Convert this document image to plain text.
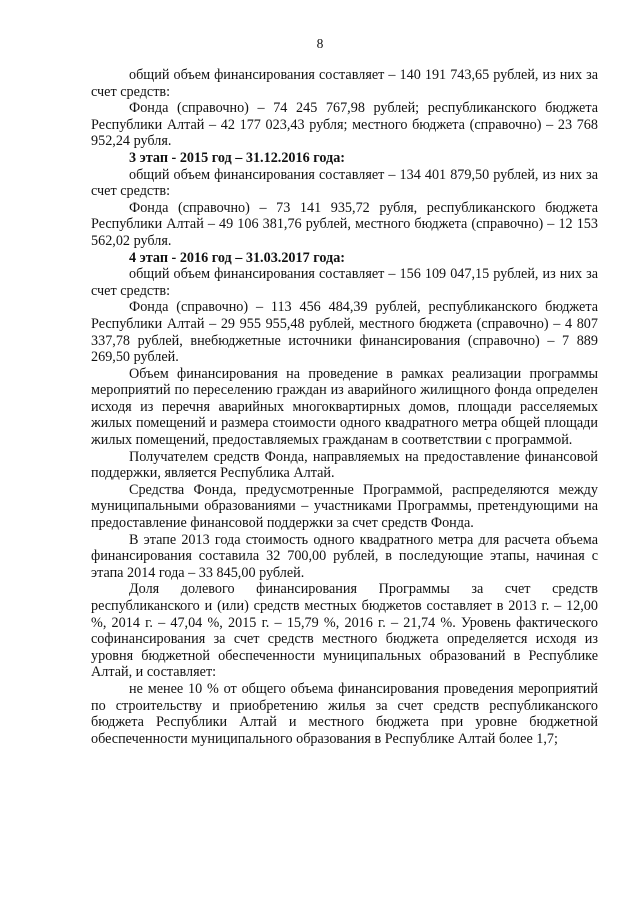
8

общий объем финансирования составляет – 140 191 743,65 рублей, из них за счет средств:

Фонда (справочно) – 74 245 767,98 рублей; республиканского бюджета Республики Алтай – 42 177 023,43 рубля; местного бюджета (справочно) – 23 768 952,24 рубля.

3 этап - 2015 год – 31.12.2016 года:

общий объем финансирования составляет – 134 401 879,50 рублей, из них за счет средств:

Фонда (справочно) – 73 141 935,72 рубля, республиканского бюджета Республики Алтай – 49 106 381,76 рублей, местного бюджета (справочно) – 12 153 562,02 рубля.

4 этап - 2016 год – 31.03.2017 года:

общий объем финансирования составляет – 156 109 047,15 рублей, из них за счет средств:

Фонда (справочно) – 113 456 484,39 рублей, республиканского бюджета Республики Алтай – 29 955 955,48 рублей, местного бюджета (справочно) – 4 807 337,78 рублей, внебюджетные источники финансирования (справочно) – 7 889 269,50 рублей.

Объем финансирования на проведение в рамках реализации программы мероприятий по переселению граждан из аварийного жилищного фонда определен исходя из перечня аварийных многоквартирных домов, площади расселяемых жилых помещений и размера стоимости одного квадратного метра общей площади жилых помещений, предоставляемых гражданам в соответствии с программой.

Получателем средств Фонда, направляемых на предоставление финансовой поддержки, является Республика Алтай.

Средства Фонда, предусмотренные Программой, распределяются между муниципальными образованиями – участниками Программы, претендующими на предоставление финансовой поддержки за счет средств Фонда.

В этапе 2013 года стоимость одного квадратного метра для расчета объема финансирования составила 32 700,00 рублей, в последующие этапы, начиная с этапа 2014 года – 33 845,00 рублей.

Доля долевого финансирования Программы за счет средств республиканского и (или) средств местных бюджетов составляет в 2013 г. – 12,00 %, 2014 г. – 47,04 %, 2015 г. – 15,79 %, 2016 г. – 21,74 %. Уровень фактического софинансирования за счет средств местного бюджета определяется исходя из уровня бюджетной обеспеченности муниципальных образований в Республике Алтай, и составляет:

не менее 10 % от общего объема финансирования проведения мероприятий по строительству и приобретению жилья за счет средств республиканского бюджета Республики Алтай и местного бюджета при уровне бюджетной обеспеченности муниципального образования в Республике Алтай более 1,7;
